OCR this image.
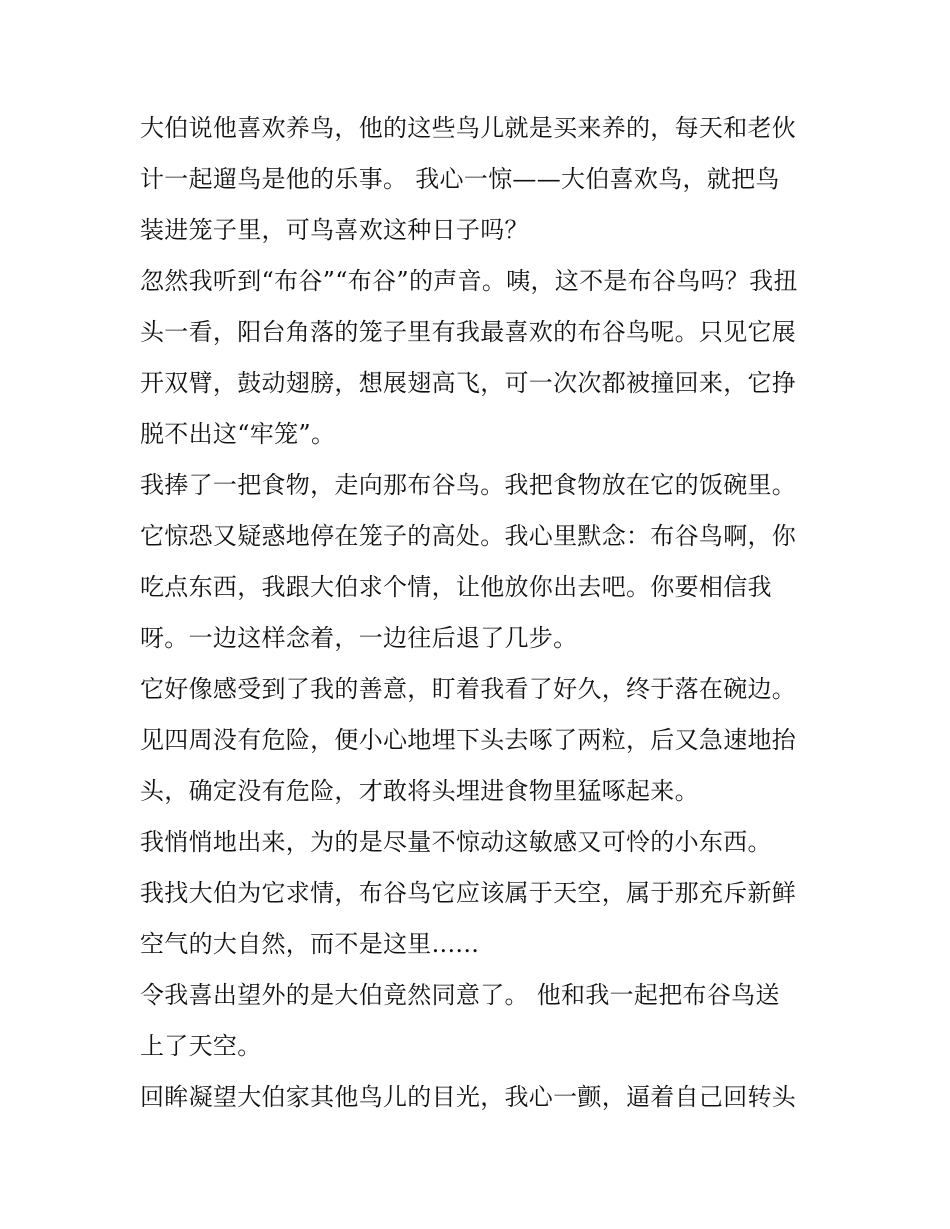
大伯说他喜欢养鸟，他的这些鸟儿就是买来养的，每天和老伙
计一起遛鸟是他的乐事。 我心一惊——大伯喜欢鸟，就把鸟
装进笼子里，可鸟喜欢这种日子吗？

忽然我听到“布谷”“布谷”的声音。咦，这不是布谷鸟吗？我扭
头一看，阳台角落的笼子里有我最喜欢的布谷鸟呢。只见它展
开双臂，鼓动翅膀，想展翅高飞，可一次次都被撞回来，它挣
脱不出这“牢笼”。

我捧了一把食物，走向那布谷鸟。我把食物放在它的饭碗里。
它惊恐又疑惑地停在笼子的高处。我心里默念：布谷鸟啊，你
吃点东西，我跟大伯求个情，让他放你出去吧。你要相信我
呀。一边这样念着，一边往后退了几步。

它好像感受到了我的善意，盯着我看了好久，终于落在碗边。
见四周没有危险，便小心地埋下头去啄了两粒，后又急速地抬
头，确定没有危险，才敢将头埋进食物里猛啄起来。

我悄悄地出来，为的是尽量不惊动这敏感又可怜的小东西。

我找大伯为它求情，布谷鸟它应该属于天空，属于那充斥新鲜
空气的大自然，而不是这里......

令我喜出望外的是大伯竟然同意了。 他和我一起把布谷鸟送
上了天空。

回眸凝望大伯家其他鸟儿的目光，我心一颤，逼着自己回转头
